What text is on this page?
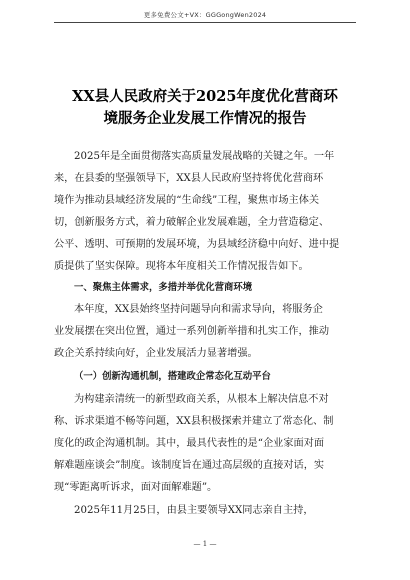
更多免费公文+VX：GGGongWen2024
XX县人民政府关于2025年度优化营商环
境服务企业发展工作情况的报告
2025年是全面贯彻落实高质量发展战略的关键之年。一年
来，在县委的坚强领导下，XX县人民政府坚持将优化营商环
境作为推动县域经济发展的“生命线”工程，聚焦市场主体关
切，创新服务方式，着力破解企业发展难题，全力营造稳定、
公平、透明、可预期的发展环境，为县域经济稳中向好、进中提
质提供了坚实保障。现将本年度相关工作情况报告如下。
一、聚焦主体需求，多措并举优化营商环境
本年度，XX县始终坚持问题导向和需求导向，将服务企
业发展摆在突出位置，通过一系列创新举措和扎实工作，推动
政企关系持续向好，企业发展活力显著增强。
（一）创新沟通机制，搭建政企常态化互动平台
为构建亲清统一的新型政商关系，从根本上解决信息不对
称、诉求渠道不畅等问题，XX县积极探索并建立了常态化、制
度化的政企沟通机制。其中，最具代表性的是“企业家面对面
解难题座谈会”制度。该制度旨在通过高层级的直接对话，实
现“零距离听诉求，面对面解难题”。
2025年11月25日，由县主要领导XX同志亲自主持，
— 1 —
